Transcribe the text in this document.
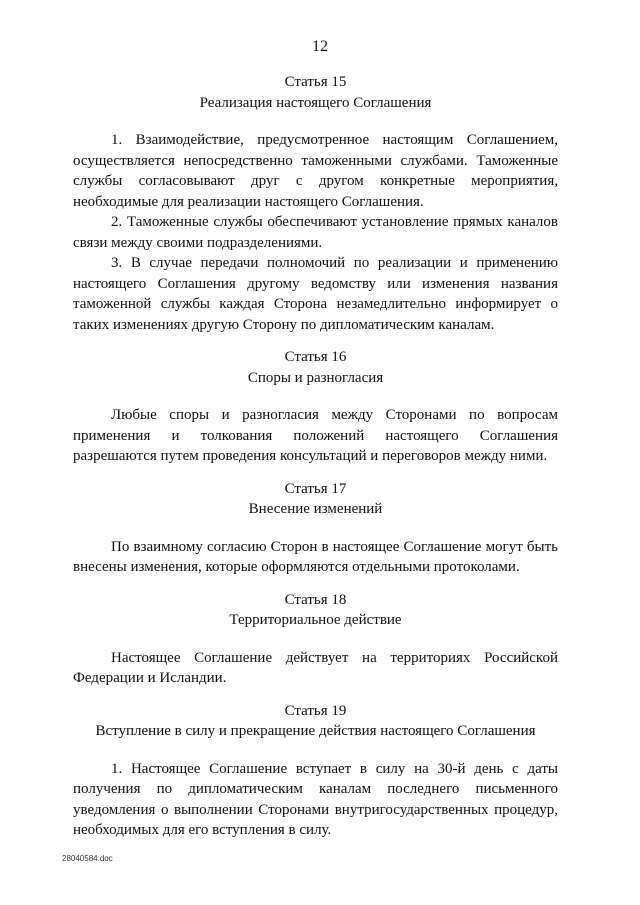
12
Статья 15
Реализация настоящего Соглашения

1. Взаимодействие, предусмотренное настоящим Соглашением, осуществляется непосредственно таможенными службами. Таможенные службы согласовывают друг с другом конкретные мероприятия, необходимые для реализации настоящего Соглашения.

2. Таможенные службы обеспечивают установление прямых каналов связи между своими подразделениями.

3. В случае передачи полномочий по реализации и применению настоящего Соглашения другому ведомству или изменения названия таможенной службы каждая Сторона незамедлительно информирует о таких изменениях другую Сторону по дипломатическим каналам.

Статья 16
Споры и разногласия

Любые споры и разногласия между Сторонами по вопросам применения и толкования положений настоящего Соглашения разрешаются путем проведения консультаций и переговоров между ними.

Статья 17
Внесение изменений

По взаимному согласию Сторон в настоящее Соглашение могут быть внесены изменения, которые оформляются отдельными протоколами.

Статья 18
Территориальное действие

Настоящее Соглашение действует на территориях Российской Федерации и Исландии.

Статья 19
Вступление в силу и прекращение действия настоящего Соглашения

1. Настоящее Соглашение вступает в силу на 30-й день с даты получения по дипломатическим каналам последнего письменного уведомления о выполнении Сторонами внутригосударственных процедур, необходимых для его вступления в силу.

28040584.doc
